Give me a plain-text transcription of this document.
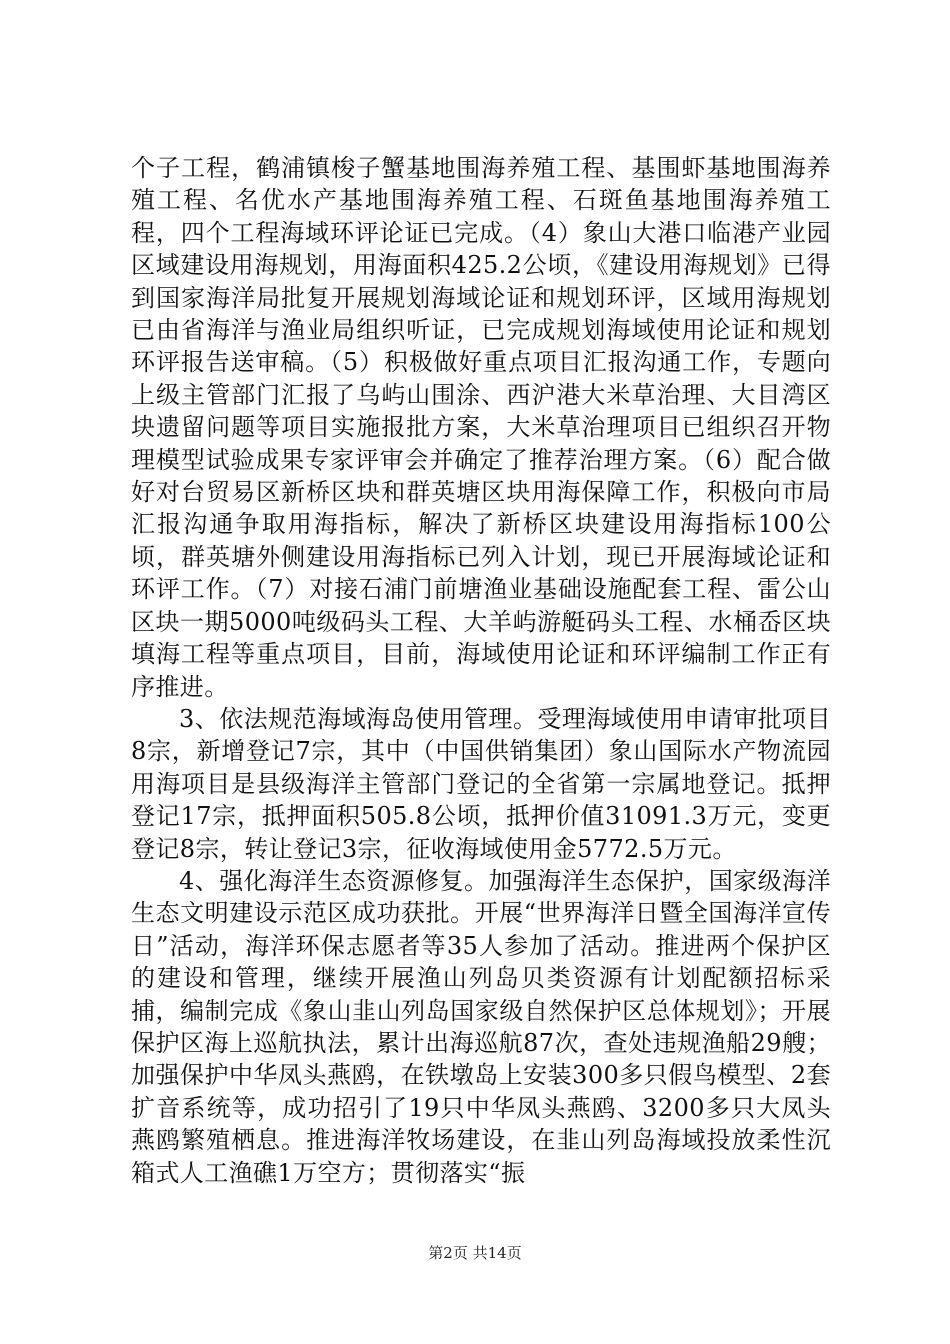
个子工程，鹤浦镇梭子蟹基地围海养殖工程、基围虾基地围海养殖工程、名优水产基地围海养殖工程、石斑鱼基地围海养殖工程，四个工程海域环评论证已完成。（4）象山大港口临港产业园区域建设用海规划，用海面积425.2公顷，《建设用海规划》已得到国家海洋局批复开展规划海域论证和规划环评，区域用海规划已由省海洋与渔业局组织听证，已完成规划海域使用论证和规划环评报告送审稿。（5）积极做好重点项目汇报沟通工作，专题向上级主管部门汇报了乌屿山围涂、西沪港大米草治理、大目湾区块遗留问题等项目实施报批方案，大米草治理项目已组织召开物理模型试验成果专家评审会并确定了推荐治理方案。（6）配合做好对台贸易区新桥区块和群英塘区块用海保障工作，积极向市局汇报沟通争取用海指标，解决了新桥区块建设用海指标100公顷，群英塘外侧建设用海指标已列入计划，现已开展海域论证和环评工作。（7）对接石浦门前塘渔业基础设施配套工程、雷公山区块一期5000吨级码头工程、大羊屿游艇码头工程、水桶岙区块填海工程等重点项目，目前，海域使用论证和环评编制工作正有序推进。

3、依法规范海域海岛使用管理。受理海域使用申请审批项目8宗，新增登记7宗，其中（中国供销集团）象山国际水产物流园用海项目是县级海洋主管部门登记的全省第一宗属地登记。抵押登记17宗，抵押面积505.8公顷，抵押价值31091.3万元，变更登记8宗，转让登记3宗，征收海域使用金5772.5万元。

4、强化海洋生态资源修复。加强海洋生态保护，国家级海洋生态文明建设示范区成功获批。开展“世界海洋日暨全国海洋宣传日”活动，海洋环保志愿者等35人参加了活动。推进两个保护区的建设和管理，继续开展渔山列岛贝类资源有计划配额招标采捕，编制完成《象山韭山列岛国家级自然保护区总体规划》；开展保护区海上巡航执法，累计出海巡航87次，查处违规渔船29艘；加强保护中华凤头燕鸥，在铁墩岛上安装300多只假鸟模型、2套扩音系统等，成功招引了19只中华凤头燕鸥、3200多只大凤头燕鸥繁殖栖息。推进海洋牧场建设，在韭山列岛海域投放柔性沉箱式人工渔礁1万空方；贯彻落实“振

第2页 共14页
